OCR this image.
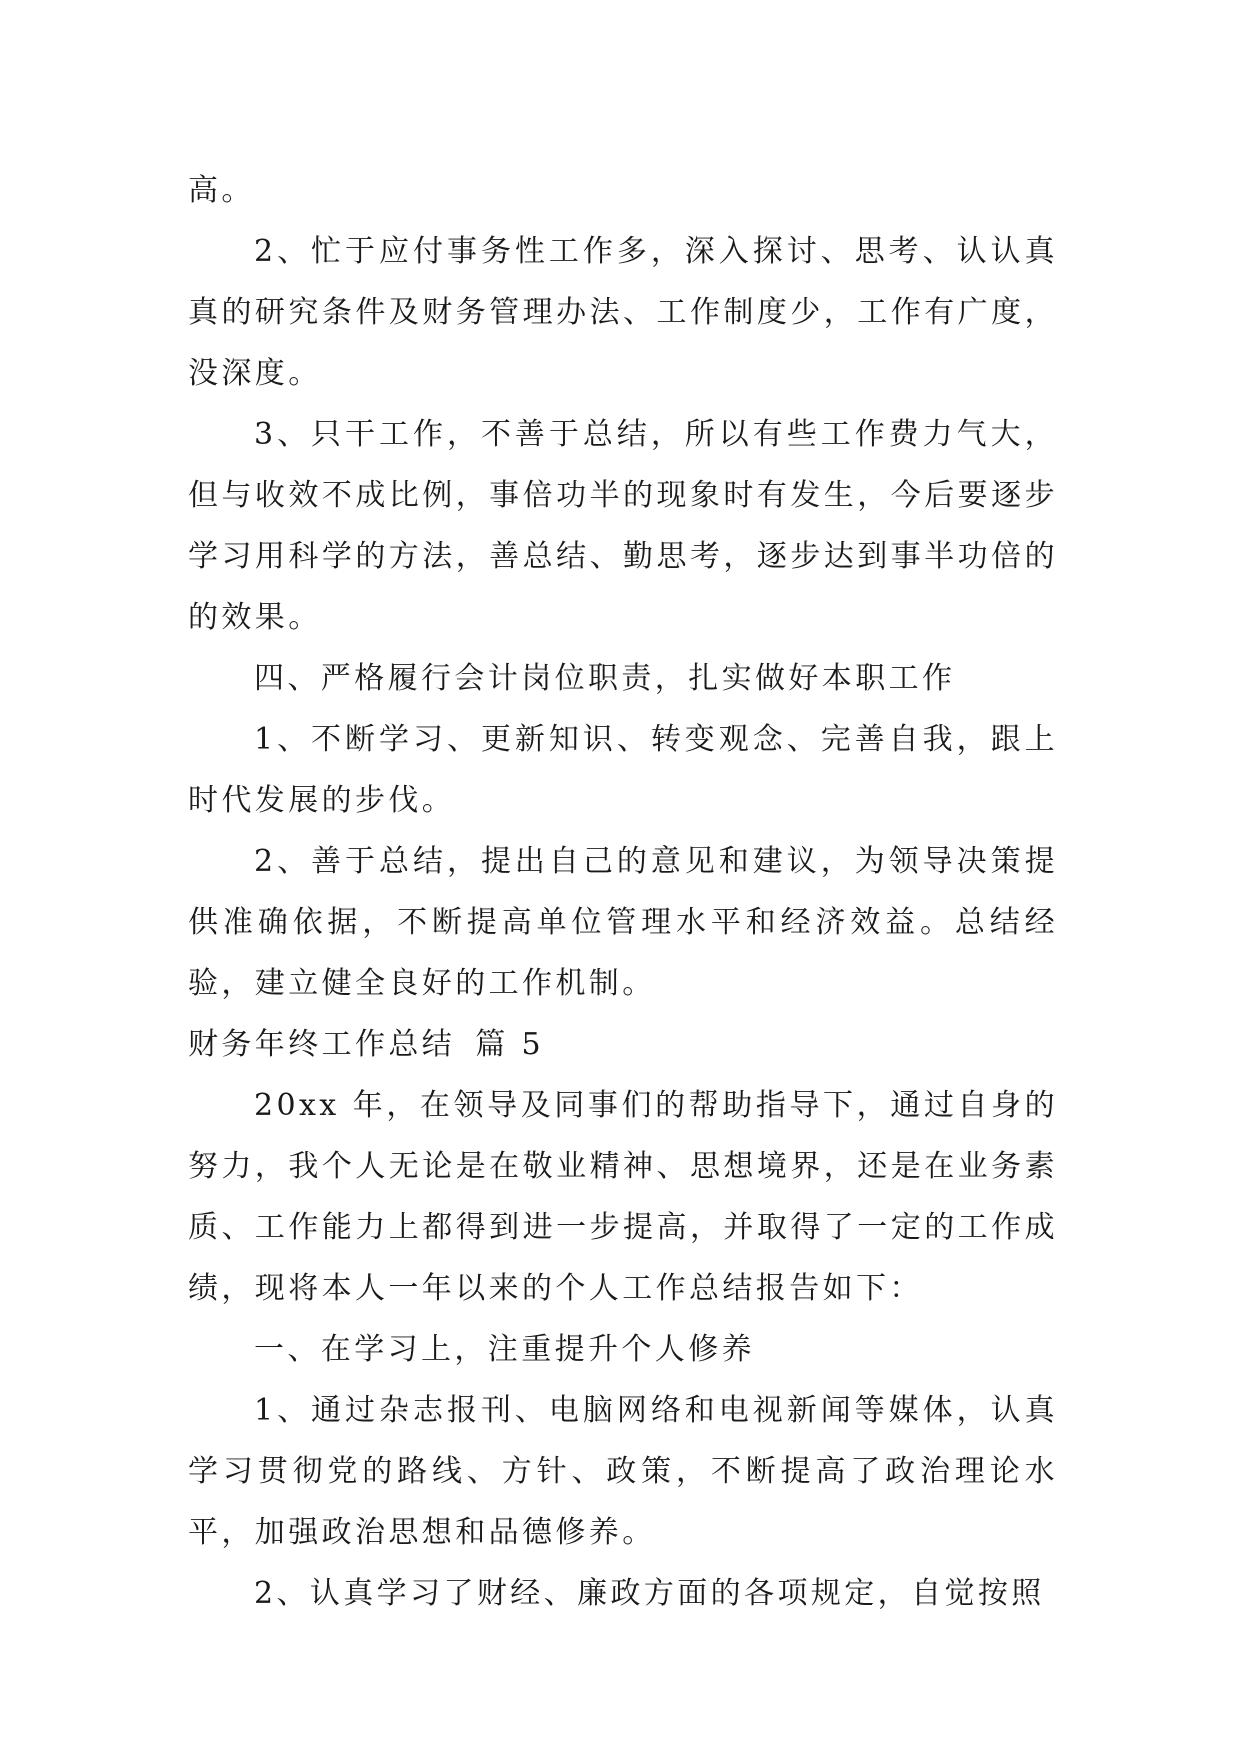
高。

2、忙于应付事务性工作多，深入探讨、思考、认认真真的研究条件及财务管理办法、工作制度少，工作有广度，没深度。

3、只干工作，不善于总结，所以有些工作费力气大，但与收效不成比例，事倍功半的现象时有发生，今后要逐步学习用科学的方法，善总结、勤思考，逐步达到事半功倍的的效果。

四、严格履行会计岗位职责，扎实做好本职工作

1、不断学习、更新知识、转变观念、完善自我，跟上时代发展的步伐。

2、善于总结，提出自己的意见和建议，为领导决策提供准确依据，不断提高单位管理水平和经济效益。总结经验，建立健全良好的工作机制。

财务年终工作总结 篇 5

20xx 年，在领导及同事们的帮助指导下，通过自身的努力，我个人无论是在敬业精神、思想境界，还是在业务素质、工作能力上都得到进一步提高，并取得了一定的工作成绩，现将本人一年以来的个人工作总结报告如下：

一、在学习上，注重提升个人修养

1、通过杂志报刊、电脑网络和电视新闻等媒体，认真学习贯彻党的路线、方针、政策，不断提高了政治理论水平，加强政治思想和品德修养。

2、认真学习了财经、廉政方面的各项规定，自觉按照
